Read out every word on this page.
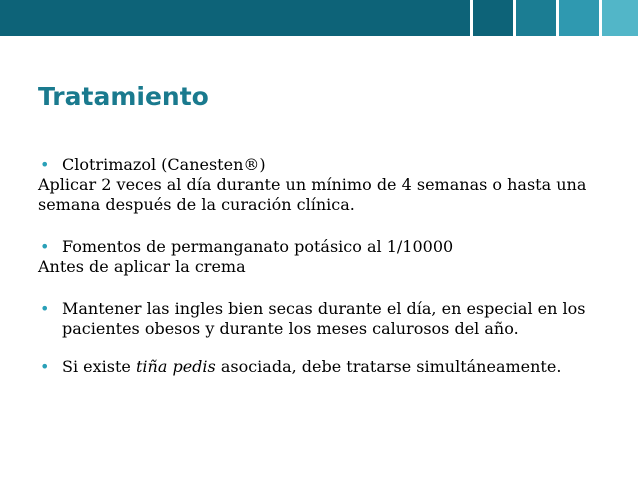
Tratamiento

• Clotrimazol (Canesten®)

Aplicar 2 veces al día durante un mínimo de 4 semanas o hasta una semana después de la curación clínica.

• Fomentos de permanganato potásico al 1/10000

Antes de aplicar la crema

• Mantener las ingles bien secas durante el día, en especial en los pacientes obesos y durante los meses calurosos del año.

• Si existe tiña pedis asociada, debe tratarse simultáneamente.
